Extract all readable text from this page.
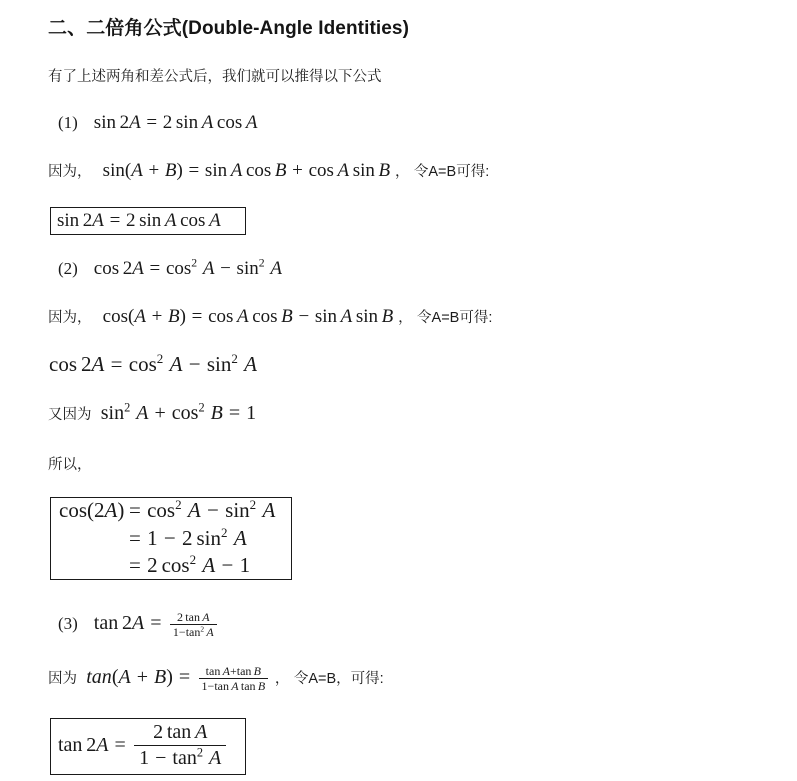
二、二倍角公式(Double-Angle Identities)
有了上述两角和差公式后，我们就可以推得以下公式
(1) sin 2A = 2 sin A cos A
因为， sin(A + B) = sin A cos B + cos A sin B ， 令A=B可得:
sin 2A = 2 sin A cos A
(2) $\cos 2A = \cos^2 A - \sin^2 A$
因为， cos(A + B) = cos A cos B − sin A sin B ， 令A=B可得:
$\cos 2A = \cos^2 A - \sin^2 A$
又因为 $\sin^2 A + \cos^2 B = 1$
所以，
cos(2A)	= $\cos^2 A - \sin^2 A$
	= 1 − 2 $\sin^2 A$
	= 2 $\cos^2 A - 1$
(3) $\tan 2A = \frac{\text{2 tan A}}{1-\tan^2 A}$
因为 $\tan(A + B) = \frac{\text{tan A+tan B}}{\text{1−tan A tan B}}$ ， 令A=B，可得:
$\tan 2A = \frac{\text{2 tan A}}{1 - \tan^2 A}$
